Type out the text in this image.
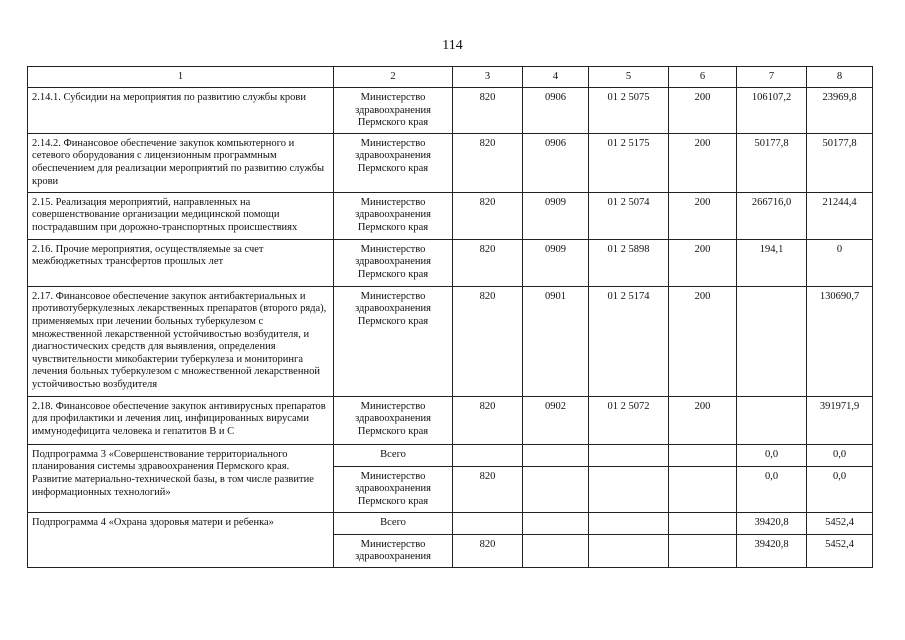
114
1	2	3	4	5	6	7	8
2.14.1. Субсидии на мероприятия по развитию службы крови	Министерство здравоохранения Пермского края	820	0906	01 2 5075	200	106107,2	23969,8
2.14.2. Финансовое обеспечение закупок компьютерного и сетевого оборудования с лицензионным программным обеспечением для реализации мероприятий по развитию службы крови	Министерство здравоохранения Пермского края	820	0906	01 2 5175	200	50177,8	50177,8
2.15. Реализация мероприятий, направленных на совершенствование организации медицинской помощи пострадавшим при дорожно-транспортных происшествиях	Министерство здравоохранения Пермского края	820	0909	01 2 5074	200	266716,0	21244,4
2.16. Прочие мероприятия, осуществляемые за счет межбюджетных трансфертов прошлых лет	Министерство здравоохранения Пермского края	820	0909	01 2 5898	200	194,1	0
2.17. Финансовое обеспечение закупок антибактериальных и противотуберкулезных лекарственных препаратов (второго ряда), применяемых при лечении больных туберкулезом с множественной лекарственной устойчивостью возбудителя, и диагностических средств для выявления, определения чувствительности микобактерии туберкулеза и мониторинга лечения больных туберкулезом с множественной лекарственной устойчивостью возбудителя	Министерство здравоохранения Пермского края	820	0901	01 2 5174	200		130690,7
2.18. Финансовое обеспечение закупок антивирусных препаратов для профилактики и лечения лиц, инфицированных вирусами иммунодефицита человека и гепатитов В и С	Министерство здравоохранения Пермского края	820	0902	01 2 5072	200		391971,9
Подпрограмма 3 «Совершенствование территориального планирования системы здравоохранения Пермского края. Развитие материально-технической базы, в том числе развитие информационных технологий»	Всего					0,0	0,0
	Министерство здравоохранения Пермского края	820				0,0	0,0
Подпрограмма 4 «Охрана здоровья матери и ребенка»	Всего					39420,8	5452,4
	Министерство здравоохранения	820				39420,8	5452,4
